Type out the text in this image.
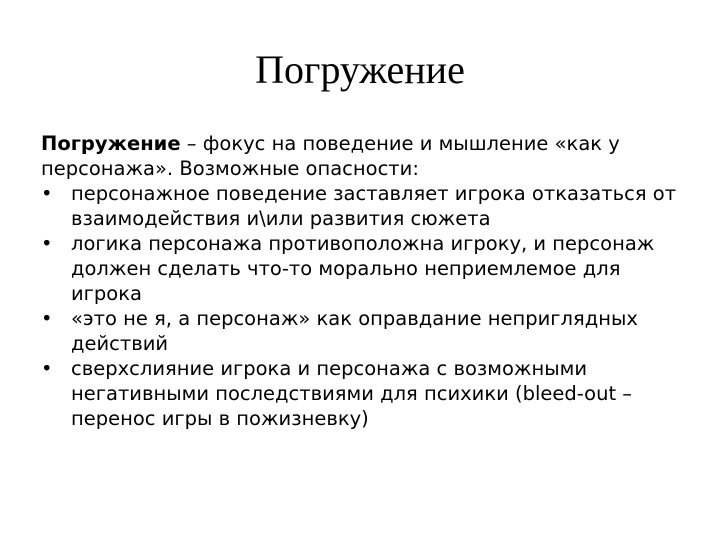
Погружение

Погружение – фокус на поведение и мышление «как у персонажа». Возможные опасности:

• персонажное поведение заставляет игрока отказаться от взаимодействия и\или развития сюжета
• логика персонажа противоположна игроку, и персонаж должен сделать что-то морально неприемлемое для игрока
• «это не я, а персонаж» как оправдание неприглядных действий
• сверхслияние игрока и персонажа с возможными негативными последствиями для психики (bleed-out – перенос игры в пожизневку)
